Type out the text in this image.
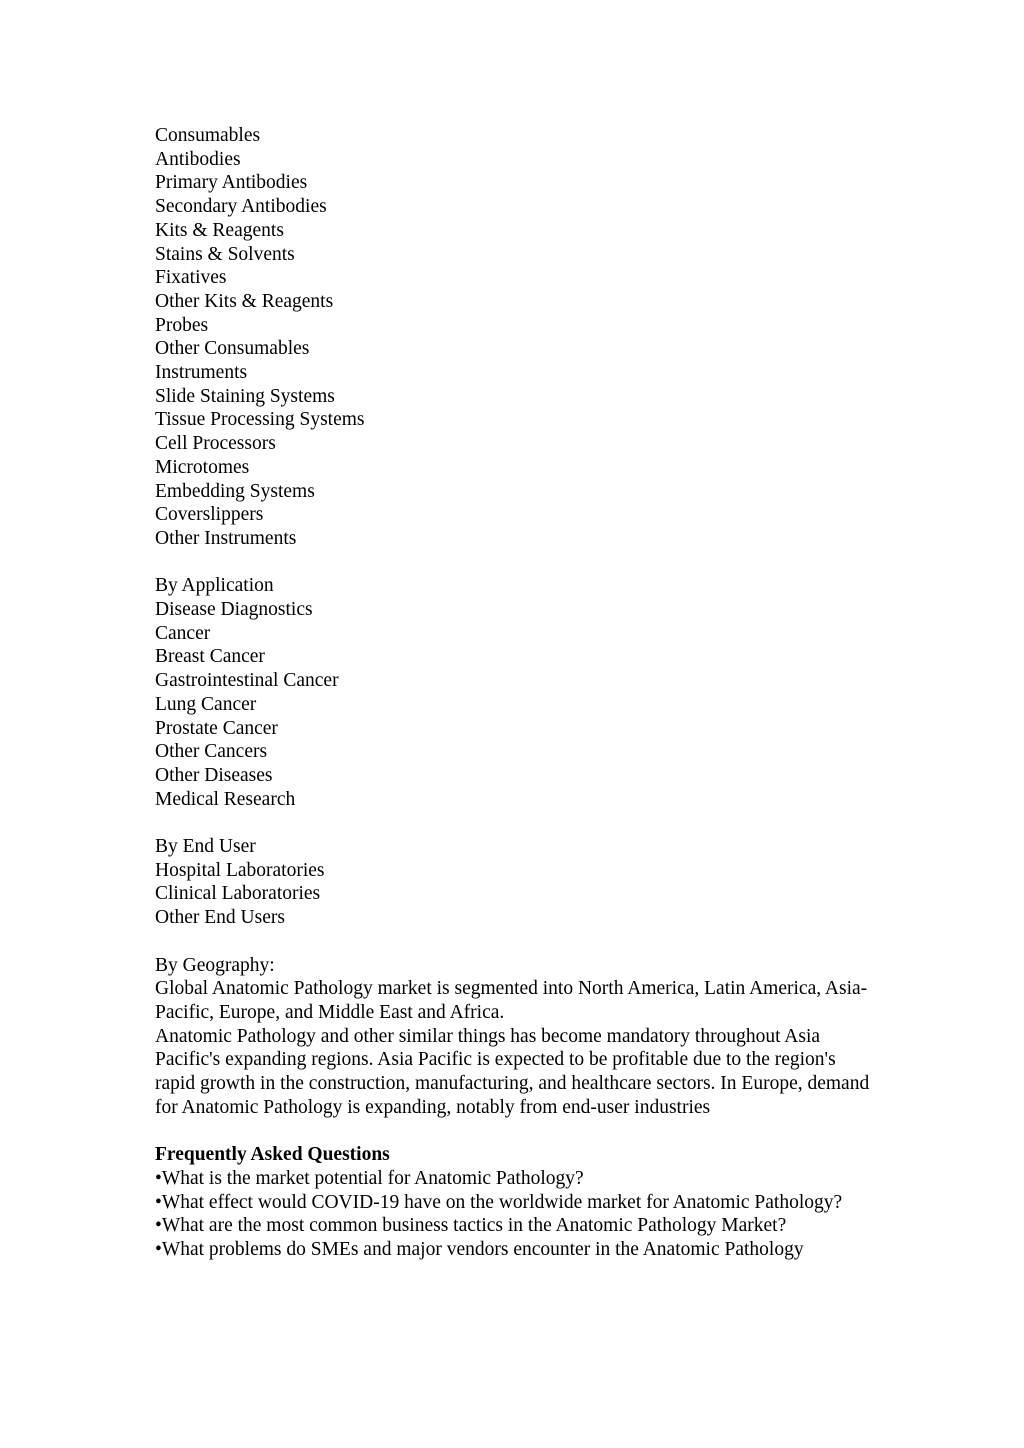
Consumables
Antibodies
Primary Antibodies
Secondary Antibodies
Kits & Reagents
Stains & Solvents
Fixatives
Other Kits & Reagents
Probes
Other Consumables
Instruments
Slide Staining Systems
Tissue Processing Systems
Cell Processors
Microtomes
Embedding Systems
Coverslippers
Other Instruments
By Application
Disease Diagnostics
Cancer
Breast Cancer
Gastrointestinal Cancer
Lung Cancer
Prostate Cancer
Other Cancers
Other Diseases
Medical Research
By End User
Hospital Laboratories
Clinical Laboratories
Other End Users
By Geography:
Global Anatomic Pathology market is segmented into North America, Latin America, Asia-Pacific, Europe, and Middle East and Africa.
Anatomic Pathology and other similar things has become mandatory throughout Asia Pacific's expanding regions. Asia Pacific is expected to be profitable due to the region's rapid growth in the construction, manufacturing, and healthcare sectors. In Europe, demand for Anatomic Pathology is expanding, notably from end-user industries
Frequently Asked Questions
•What is the market potential for Anatomic Pathology?
•What effect would COVID-19 have on the worldwide market for Anatomic Pathology?
•What are the most common business tactics in the Anatomic Pathology Market?
•What problems do SMEs and major vendors encounter in the Anatomic Pathology
